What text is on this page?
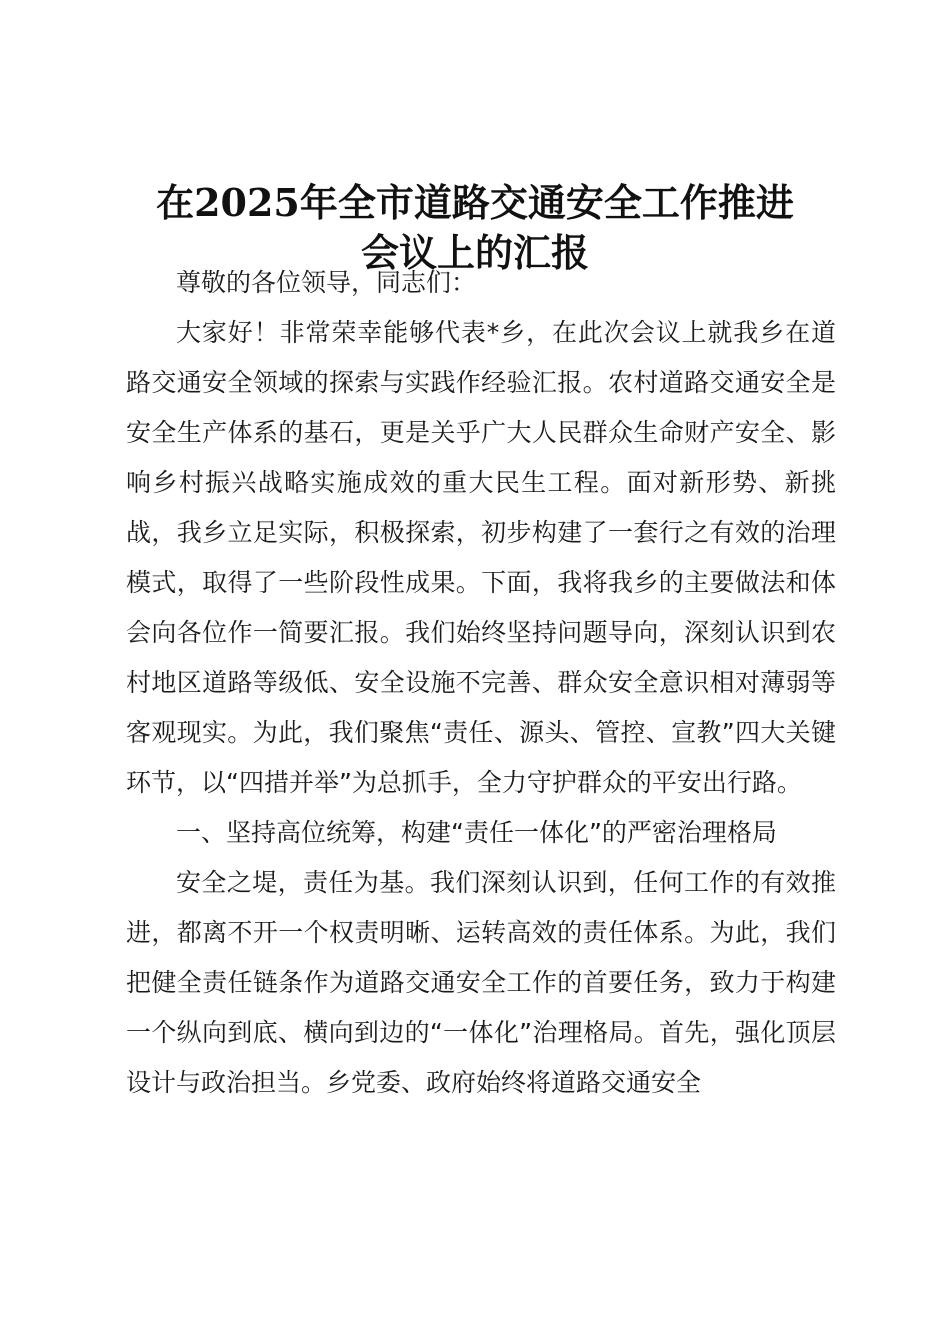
在2025年全市道路交通安全工作推进
会议上的汇报

尊敬的各位领导，同志们：

大家好！非常荣幸能够代表*乡，在此次会议上就我乡在道路交通安全领域的探索与实践作经验汇报。农村道路交通安全是安全生产体系的基石，更是关乎广大人民群众生命财产安全、影响乡村振兴战略实施成效的重大民生工程。面对新形势、新挑战，我乡立足实际，积极探索，初步构建了一套行之有效的治理模式，取得了一些阶段性成果。下面，我将我乡的主要做法和体会向各位作一简要汇报。我们始终坚持问题导向，深刻认识到农村地区道路等级低、安全设施不完善、群众安全意识相对薄弱等客观现实。为此，我们聚焦“责任、源头、管控、宣教”四大关键环节，以“四措并举”为总抓手，全力守护群众的平安出行路。

一、坚持高位统筹，构建“责任一体化”的严密治理格局

安全之堤，责任为基。我们深刻认识到，任何工作的有效推进，都离不开一个权责明晰、运转高效的责任体系。为此，我们把健全责任链条作为道路交通安全工作的首要任务，致力于构建一个纵向到底、横向到边的“一体化”治理格局。首先，强化顶层设计与政治担当。乡党委、政府始终将道路交通安全
